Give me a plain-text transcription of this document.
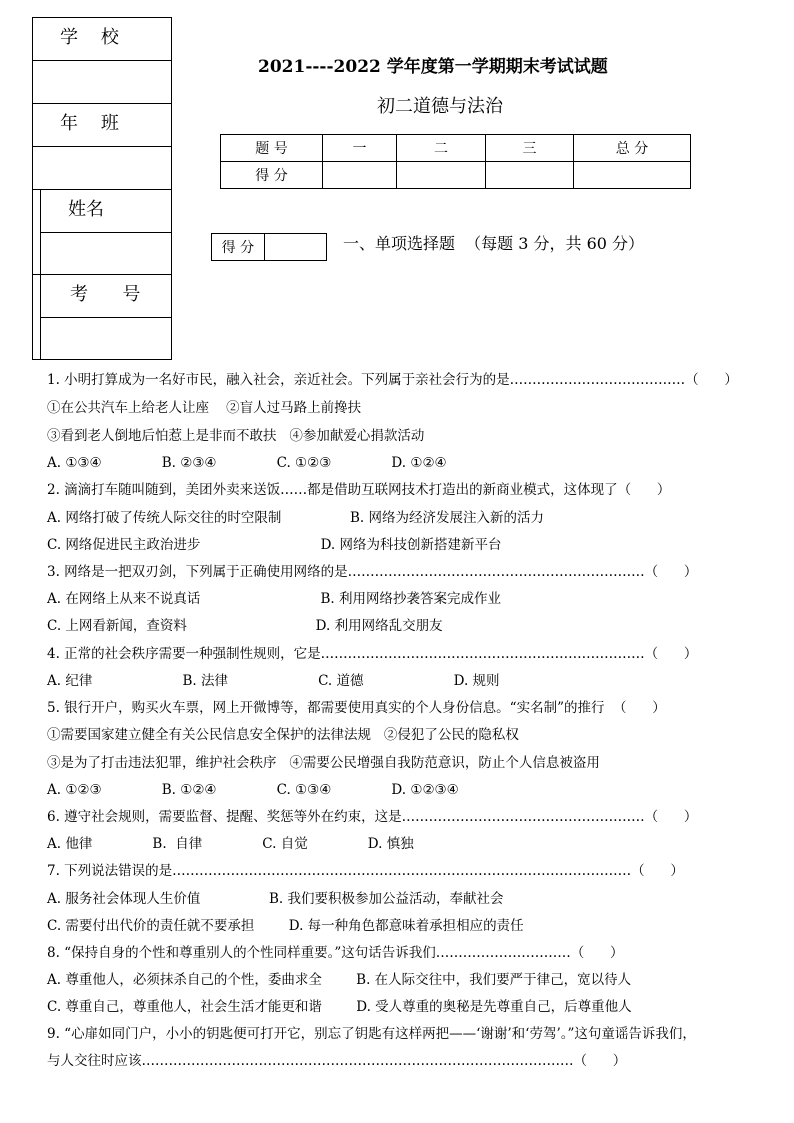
学    校
年    班
姓名
考      号
2021----2022 学年度第一学期期末考试试题
初二道德与法治
题 号	一	二	三	总 分
得 分				
得 分		一、单项选择题  （每题 3 分，共 60 分）
1. 小明打算成为一名好市民，融入社会，亲近社会。下列属于亲社会行为的是…………………………………（      ）
①在公共汽车上给老人让座    ②盲人过马路上前搀扶
③看到老人倒地后怕惹上是非而不敢扶   ④参加献爱心捐款活动
A. ①③④              B. ②③④              C. ①②③              D. ①②④
2. 滴滴打车随叫随到，美团外卖来送饭……都是借助互联网技术打造出的新商业模式，这体现了（      ）
A. 网络打破了传统人际交往的时空限制                B. 网络为经济发展注入新的活力
C. 网络促进民主政治进步                            D. 网络为科技创新搭建新平台
3. 网络是一把双刃剑，下列属于正确使用网络的是…………………………………………………………（      ）
A. 在网络上从来不说真话                            B. 利用网络抄袭答案完成作业
C. 上网看新闻，查资料                              D. 利用网络乱交朋友
4. 正常的社会秩序需要一种强制性规则，它是………………………………………………………………（      ）
A. 纪律                     B. 法律                     C. 道德                     D. 规则
5. 银行开户，购买火车票，网上开微博等，都需要使用真实的个人身份信息。“实名制”的推行  （      ）
①需要国家建立健全有关公民信息安全保护的法律法规   ②侵犯了公民的隐私权
③是为了打击违法犯罪，维护社会秩序   ④需要公民增强自我防范意识，防止个人信息被盗用
A. ①②③              B. ①②④              C. ①③④              D. ①②③④
6. 遵守社会规则，需要监督、提醒、奖惩等外在约束，这是………………………………………………（      ）
A. 他律              B.  自律              C. 自觉              D. 慎独
7. 下列说法错误的是…………………………………………………………………………………………（      ）
A. 服务社会体现人生价值                B. 我们要积极参加公益活动，奉献社会
C. 需要付出代价的责任就不要承担        D. 每一种角色都意味着承担相应的责任
8. “保持自身的个性和尊重别人的个性同样重要。”这句话告诉我们…………………………（      ）
A. 尊重他人，必须抹杀自己的个性，委曲求全        B. 在人际交往中，我们要严于律己，宽以待人
C. 尊重自己，尊重他人，社会生活才能更和谐        D. 受人尊重的奥秘是先尊重自己，后尊重他人
9. “心扉如同门户，小小的钥匙便可打开它，别忘了钥匙有这样两把——‘谢谢’和‘劳驾’。”这句童谣告诉我们，
与人交往时应该……………………………………………………………………………………（      ）
